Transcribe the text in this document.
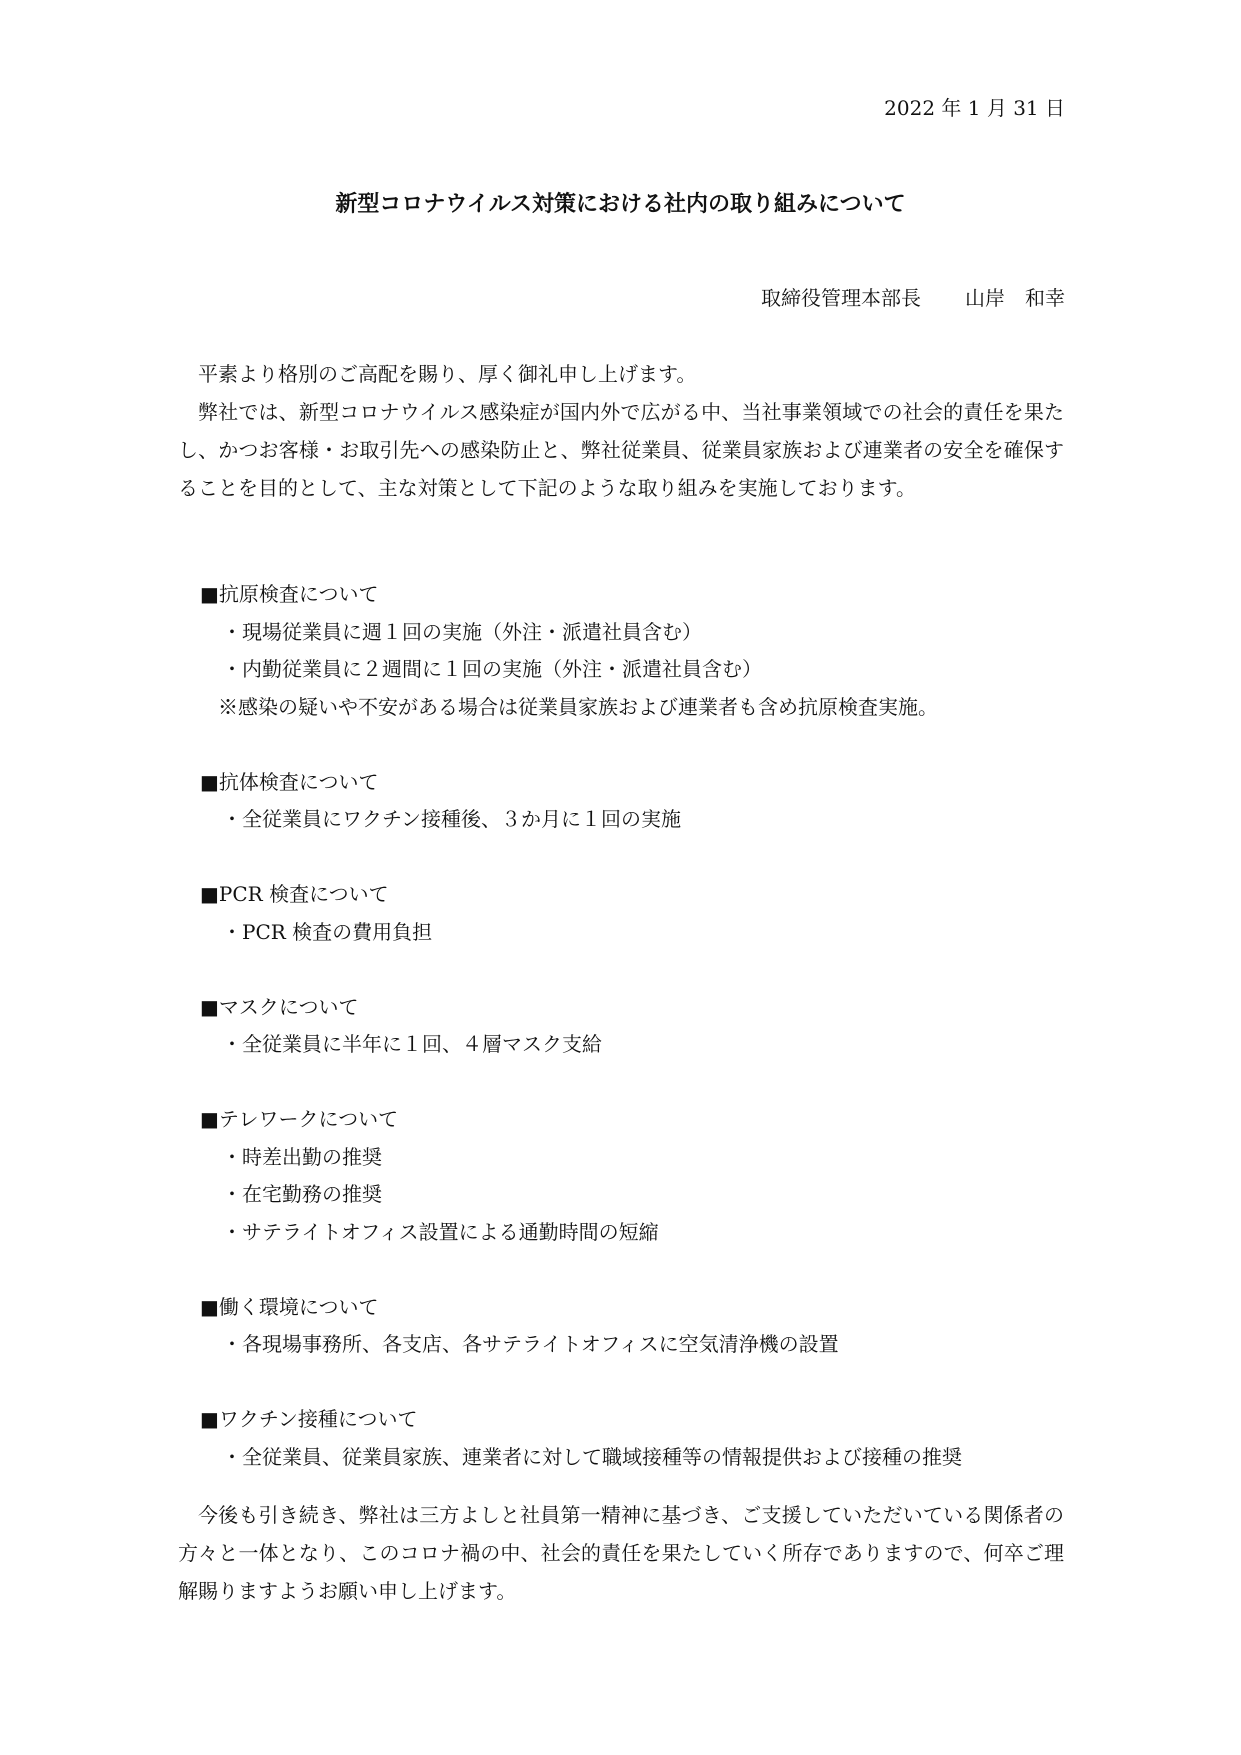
2022 年 1 月 31 日
新型コロナウイルス対策における社内の取り組みについて
取締役管理本部長 山岸 和幸

平素より格別のご高配を賜り、厚く御礼申し上げます。

弊社では、新型コロナウイルス感染症が国内外で広がる中、当社事業領域での社会的責任を果たし、かつお客様・お取引先への感染防止と、弊社従業員、従業員家族および連業者の安全を確保することを目的として、主な対策として下記のような取り組みを実施しております。

■抗原検査について

・現場従業員に週１回の実施（外注・派遣社員含む）
・内勤従業員に２週間に１回の実施（外注・派遣社員含む）
※感染の疑いや不安がある場合は従業員家族および連業者も含め抗原検査実施。

■抗体検査について

・全従業員にワクチン接種後、３か月に１回の実施

■PCR 検査について

・PCR 検査の費用負担

■マスクについて

・全従業員に半年に１回、４層マスク支給

■テレワークについて

・時差出勤の推奨
・在宅勤務の推奨
・サテライトオフィス設置による通勤時間の短縮

■働く環境について

・各現場事務所、各支店、各サテライトオフィスに空気清浄機の設置

■ワクチン接種について

・全従業員、従業員家族、連業者に対して職域接種等の情報提供および接種の推奨

今後も引き続き、弊社は三方よしと社員第一精神に基づき、ご支援していただいている関係者の方々と一体となり、このコロナ禍の中、社会的責任を果たしていく所存でありますので、何卒ご理解賜りますようお願い申し上げます。
